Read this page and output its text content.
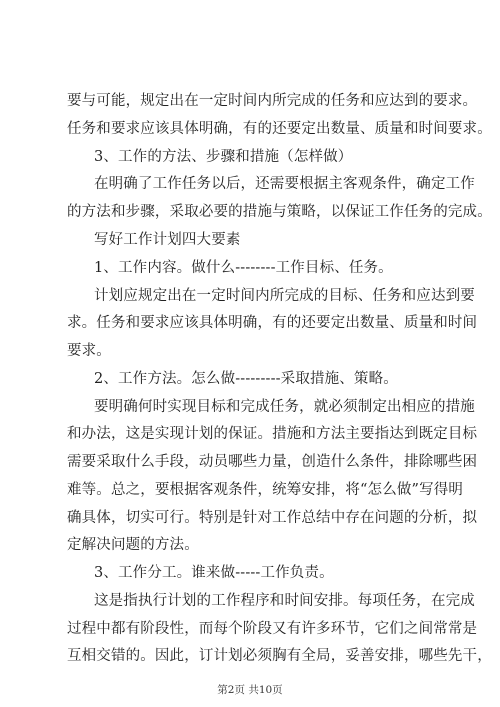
要与可能，规定出在一定时间内所完成的任务和应达到的要求。
任务和要求应该具体明确，有的还要定出数量、质量和时间要求。
3、工作的方法、步骤和措施（怎样做）
在明确了工作任务以后，还需要根据主客观条件，确定工作
的方法和步骤，采取必要的措施与策略，以保证工作任务的完成。
写好工作计划四大要素
1、工作内容。做什么--------工作目标、任务。
计划应规定出在一定时间内所完成的目标、任务和应达到要
求。任务和要求应该具体明确，有的还要定出数量、质量和时间
要求。
2、工作方法。怎么做---------采取措施、策略。
要明确何时实现目标和完成任务，就必须制定出相应的措施
和办法，这是实现计划的保证。措施和方法主要指达到既定目标
需要采取什么手段，动员哪些力量，创造什么条件，排除哪些困
难等。总之，要根据客观条件，统筹安排，将“怎么做”写得明
确具体，切实可行。特别是针对工作总结中存在问题的分析，拟
定解决问题的方法。
3、工作分工。谁来做-----工作负责。
这是指执行计划的工作程序和时间安排。每项任务，在完成
过程中都有阶段性，而每个阶段又有许多环节，它们之间常常是
互相交错的。因此，订计划必须胸有全局，妥善安排，哪些先干，
第2页 共10页
